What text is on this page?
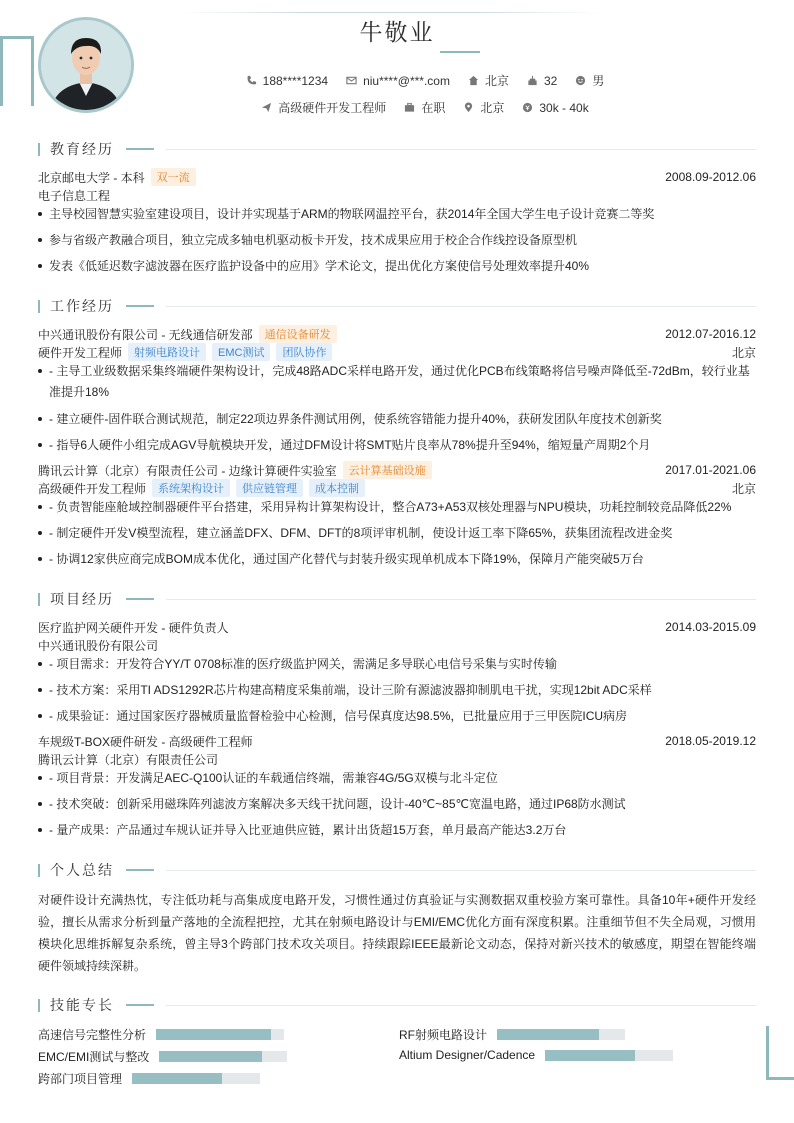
牛敬业
188****1234	niu****@***.com	北京	32	男
高级硬件开发工程师	在职	北京	30k - 40k
教育经历
北京邮电大学 - 本科	双一流	2008.09-2012.06
电子信息工程
主导校园智慧实验室建设项目，设计并实现基于ARM的物联网温控平台，获2014年全国大学生电子设计竞赛二等奖
参与省级产教融合项目，独立完成多轴电机驱动板卡开发，技术成果应用于校企合作线控设备原型机
发表《低延迟数字滤波器在医疗监护设备中的应用》学术论文，提出优化方案使信号处理效率提升40%
工作经历
中兴通讯股份有限公司 - 无线通信研发部	通信设备研发	2012.07-2016.12
硬件开发工程师	射频电路设计	EMC测试	团队协作	北京
- 主导工业级数据采集终端硬件架构设计，完成48路ADC采样电路开发，通过优化PCB布线策略将信号噪声降低至-72dBm，较行业基准提升18%
- 建立硬件-固件联合测试规范，制定22项边界条件测试用例，使系统容错能力提升40%，获研发团队年度技术创新奖
- 指导6人硬件小组完成AGV导航模块开发，通过DFM设计将SMT贴片良率从78%提升至94%，缩短量产周期2个月
腾讯云计算（北京）有限责任公司 - 边缘计算硬件实验室	云计算基础设施	2017.01-2021.06
高级硬件开发工程师	系统架构设计	供应链管理	成本控制	北京
- 负责智能座舱域控制器硬件平台搭建，采用异构计算架构设计，整合A73+A53双核处理器与NPU模块，功耗控制较竞品降低22%
- 制定硬件开发V模型流程，建立涵盖DFX、DFM、DFT的8项评审机制，使设计返工率下降65%，获集团流程改进金奖
- 协调12家供应商完成BOM成本优化，通过国产化替代与封装升级实现单机成本下降19%，保障月产能突破5万台
项目经历
医疗监护网关硬件开发 - 硬件负责人	2014.03-2015.09
中兴通讯股份有限公司
- 项目需求：开发符合YY/T 0708标准的医疗级监护网关，需满足多导联心电信号采集与实时传输
- 技术方案：采用TI ADS1292R芯片构建高精度采集前端，设计三阶有源滤波器抑制肌电干扰，实现12bit ADC采样
- 成果验证：通过国家医疗器械质量监督检验中心检测，信号保真度达98.5%，已批量应用于三甲医院ICU病房
车规级T-BOX硬件研发 - 高级硬件工程师	2018.05-2019.12
腾讯云计算（北京）有限责任公司
- 项目背景：开发满足AEC-Q100认证的车载通信终端，需兼容4G/5G双模与北斗定位
- 技术突破：创新采用磁珠阵列滤波方案解决多天线干扰问题，设计-40℃~85℃宽温电路，通过IP68防水测试
- 量产成果：产品通过车规认证并导入比亚迪供应链，累计出货超15万套，单月最高产能达3.2万台
个人总结
对硬件设计充满热忱，专注低功耗与高集成度电路开发，习惯性通过仿真验证与实测数据双重校验方案可靠性。具备10年+硬件开发经验，擅长从需求分析到量产落地的全流程把控，尤其在射频电路设计与EMI/EMC优化方面有深度积累。注重细节但不失全局观，习惯用模块化思维拆解复杂系统，曾主导3个跨部门技术攻关项目。持续跟踪IEEE最新论文动态，保持对新兴技术的敏感度，期望在智能终端硬件领域持续深耕。
技能专长
高速信号完整性分析	RF射频电路设计
EMC/EMI测试与整改	Altium Designer/Cadence
跨部门项目管理
